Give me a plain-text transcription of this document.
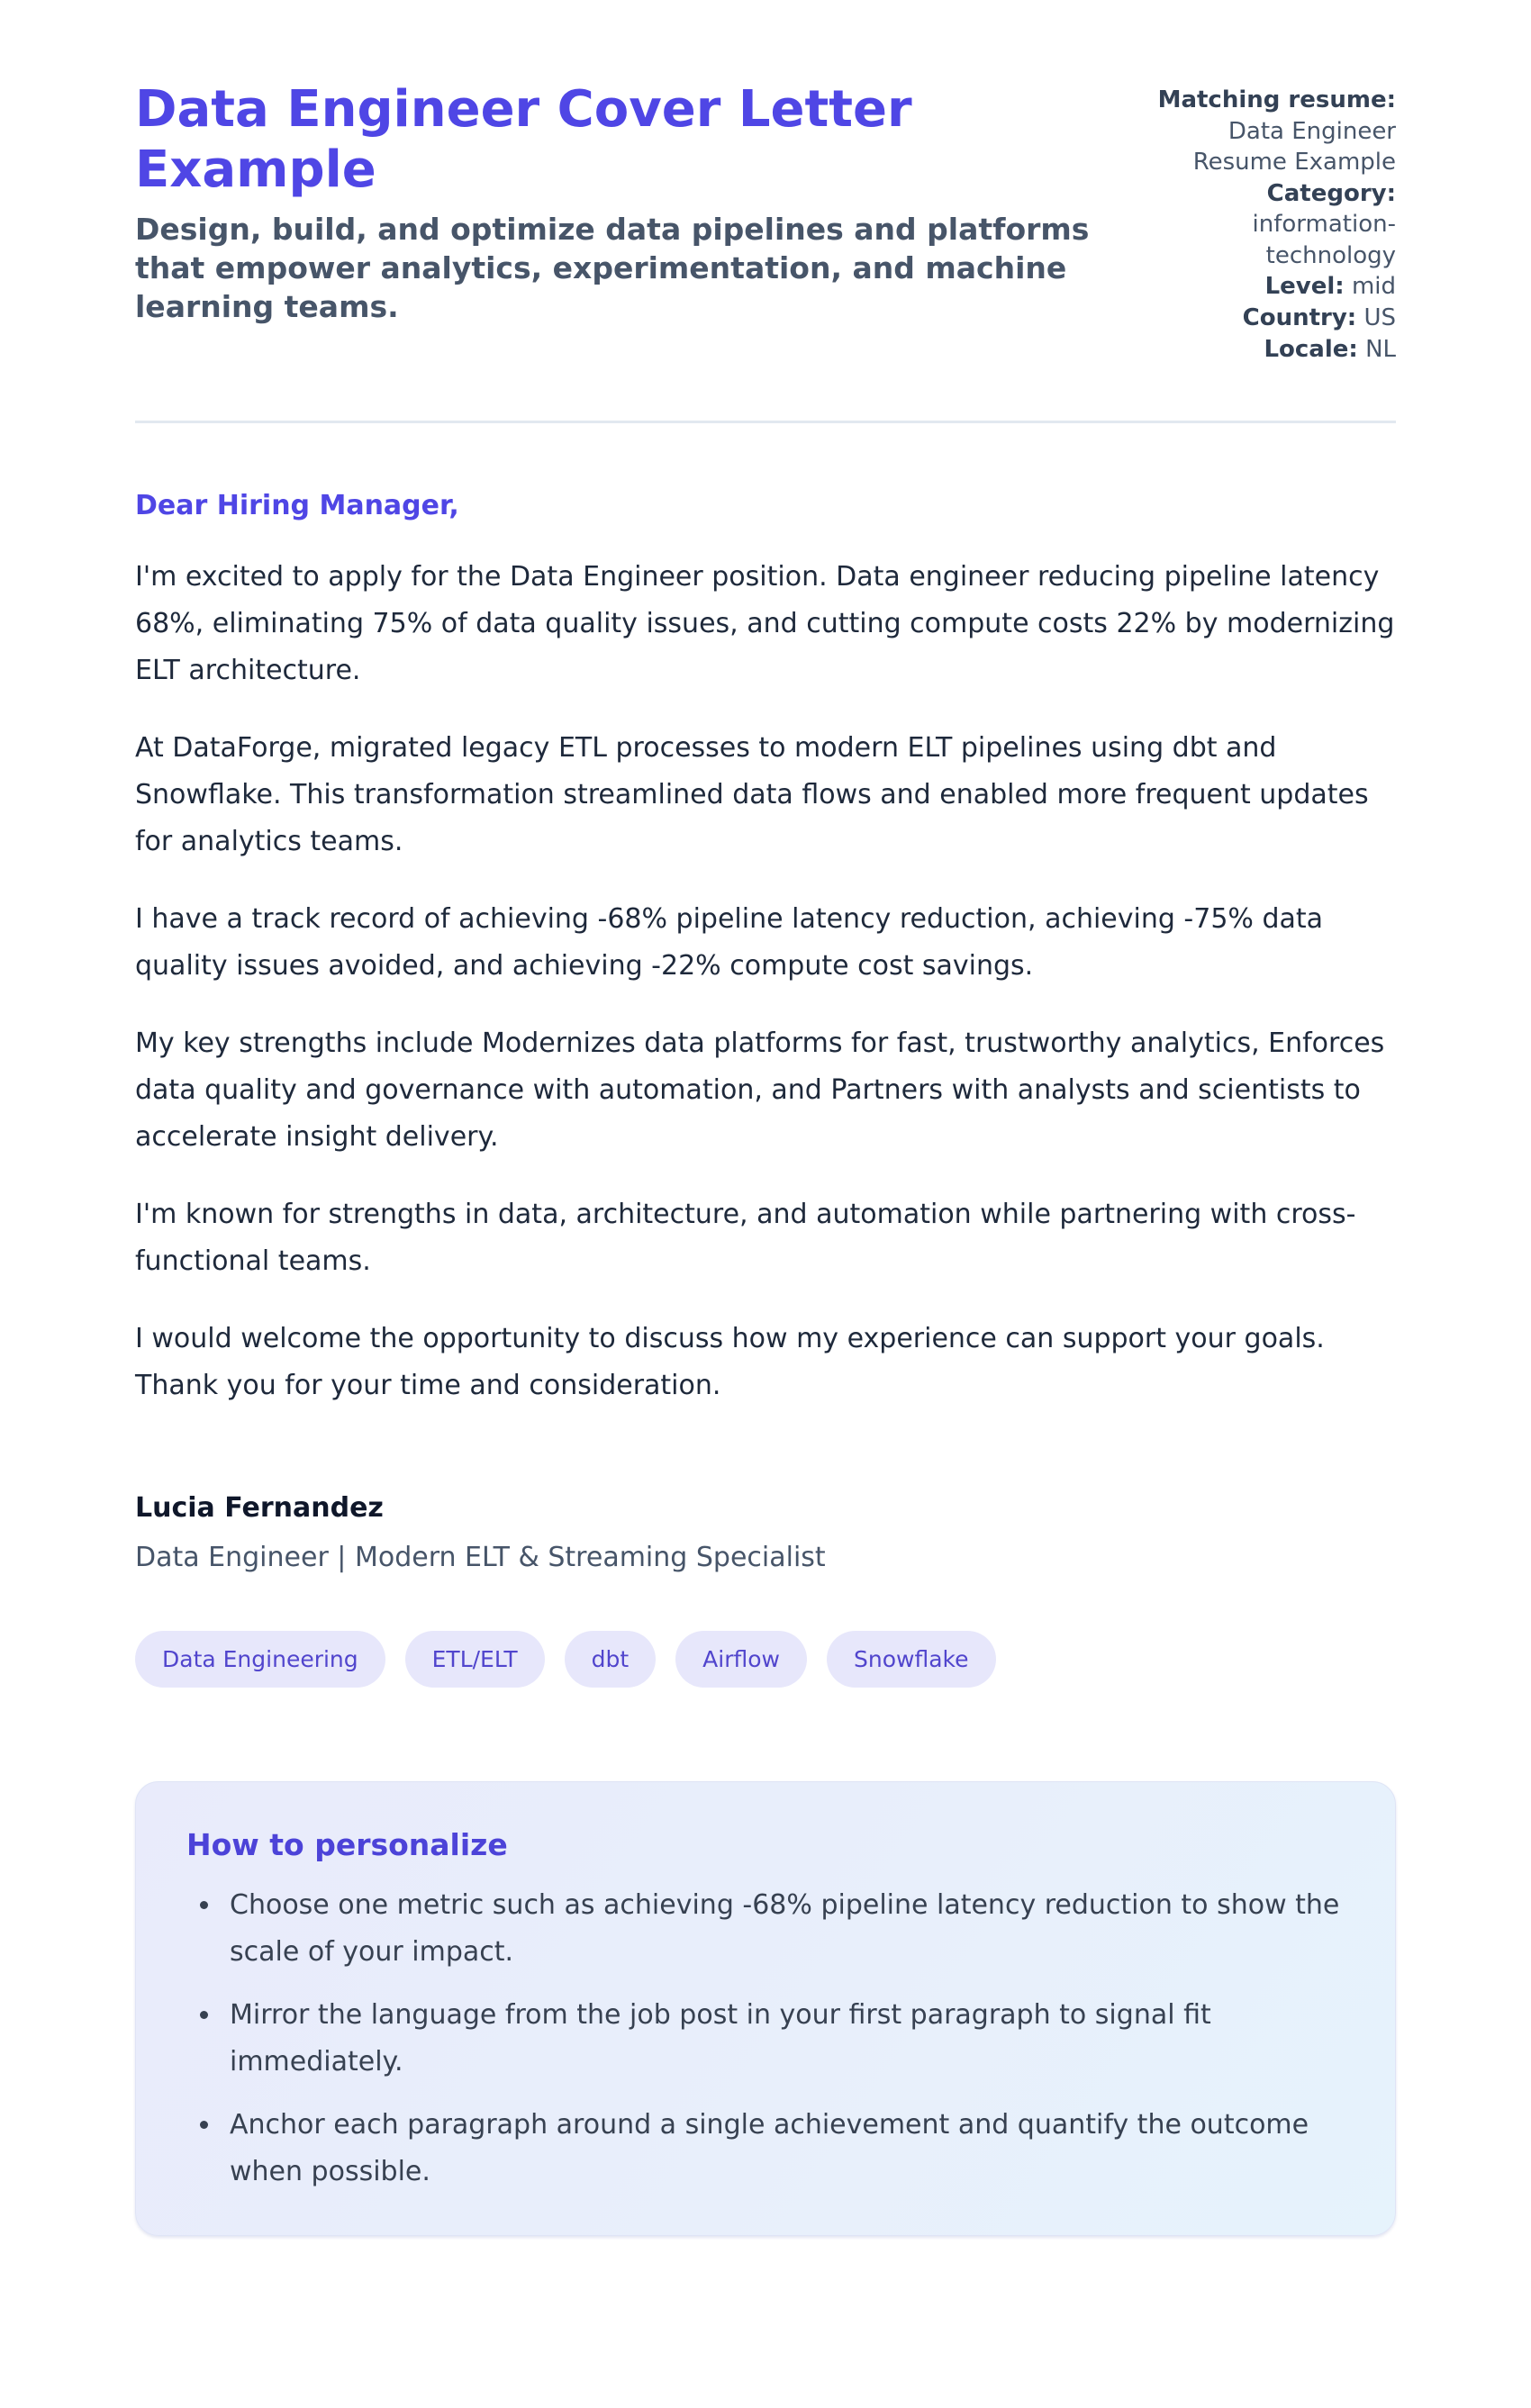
Data Engineer Cover Letter Example

Design, build, and optimize data pipelines and platforms that empower analytics, experimentation, and machine learning teams.

Matching resume: Data Engineer Resume Example
Category: information-technology
Level: mid
Country: US
Locale: NL

Dear Hiring Manager,

I'm excited to apply for the Data Engineer position. Data engineer reducing pipeline latency 68%, eliminating 75% of data quality issues, and cutting compute costs 22% by modernizing ELT architecture.

At DataForge, migrated legacy ETL processes to modern ELT pipelines using dbt and Snowflake. This transformation streamlined data flows and enabled more frequent updates for analytics teams.

I have a track record of achieving -68% pipeline latency reduction, achieving -75% data quality issues avoided, and achieving -22% compute cost savings.

My key strengths include Modernizes data platforms for fast, trustworthy analytics, Enforces data quality and governance with automation, and Partners with analysts and scientists to accelerate insight delivery.

I'm known for strengths in data, architecture, and automation while partnering with cross-functional teams.

I would welcome the opportunity to discuss how my experience can support your goals. Thank you for your time and consideration.

Lucia Fernandez

Data Engineer | Modern ELT & Streaming Specialist

Data Engineering	ETL/ELT	dbt	Airflow	Snowflake
How to personalize
• Choose one metric such as achieving -68% pipeline latency reduction to show the scale of your impact.
• Mirror the language from the job post in your first paragraph to signal fit immediately.
• Anchor each paragraph around a single achievement and quantify the outcome when possible.
